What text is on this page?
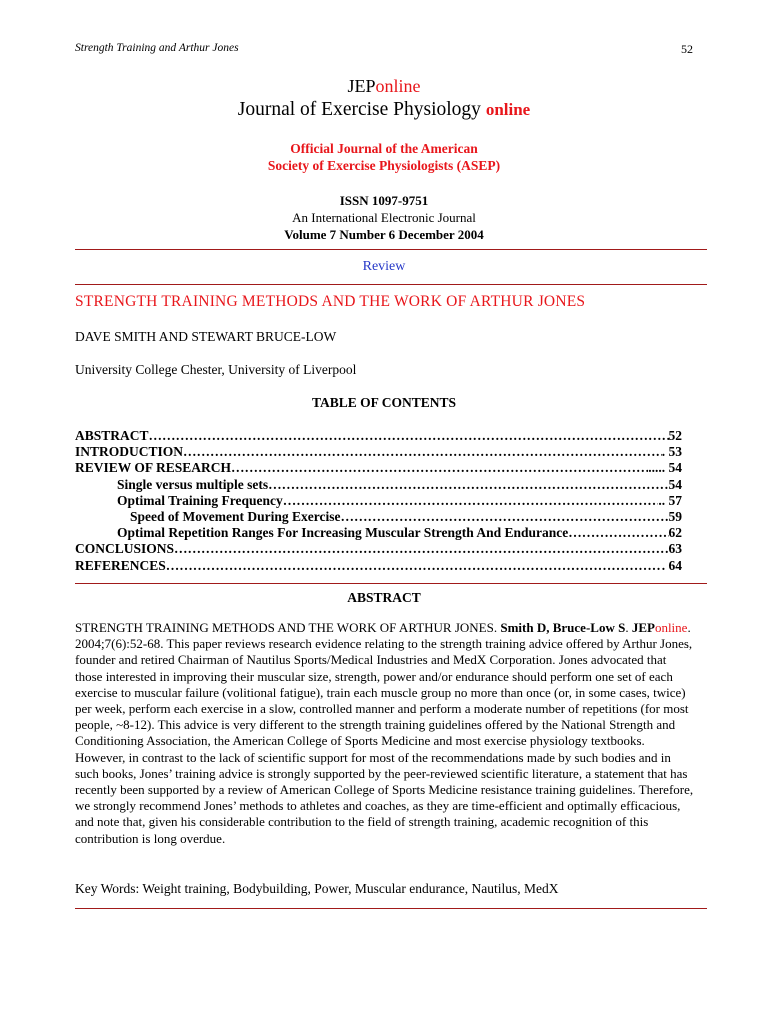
Strength Training and Arthur Jones	52
JEPonline
Journal of Exercise Physiology online
Official Journal of the American
Society of Exercise Physiologists (ASEP)
ISSN 1097-9751
An International Electronic Journal
Volume 7 Number 6 December 2004
Review
STRENGTH TRAINING METHODS AND THE WORK OF ARTHUR JONES
DAVE SMITH AND STEWART BRUCE-LOW
University College Chester, University of Liverpool
TABLE OF CONTENTS
ABSTRACT ……………………………………………………………………………………………………………………………………………………………………………………………	52
INTRODUCTION ……………………………………………………………………………………………………………………………………………………………………………………………	. 53
REVIEW OF RESEARCH ……………………………………………………………………………………………………………………………………………………………………………………………	..... 54
Single versus multiple sets ……………………………………………………………………………………………………………………………………………………………………………………………	54
Optimal Training Frequency ……………………………………………………………………………………………………………………………………………………………………………………………	.. 57
Speed of Movement During Exercise ……………………………………………………………………………………………………………………………………………………………………………………………	59
Optimal Repetition Ranges For Increasing Muscular Strength And Endurance ……………………………………………………………………………………………………………………………………………………………………………………………	62
CONCLUSIONS ……………………………………………………………………………………………………………………………………………………………………………………………	63
REFERENCES ……………………………………………………………………………………………………………………………………………………………………………………………	. 64
ABSTRACT
STRENGTH TRAINING METHODS AND THE WORK OF ARTHUR JONES. Smith D, Bruce-Low S. JEPonline. 2004;7(6):52-68. This paper reviews research evidence relating to the strength training advice offered by Arthur Jones, founder and retired Chairman of Nautilus Sports/Medical Industries and MedX Corporation. Jones advocated that those interested in improving their muscular size, strength, power and/or endurance should perform one set of each exercise to muscular failure (volitional fatigue), train each muscle group no more than once (or, in some cases, twice) per week, perform each exercise in a slow, controlled manner and perform a moderate number of repetitions (for most people, ~8-12). This advice is very different to the strength training guidelines offered by the National Strength and Conditioning Association, the American College of Sports Medicine and most exercise physiology textbooks. However, in contrast to the lack of scientific support for most of the recommendations made by such bodies and in such books, Jones’ training advice is strongly supported by the peer-reviewed scientific literature, a statement that has recently been supported by a review of American College of Sports Medicine resistance training guidelines. Therefore, we strongly recommend Jones’ methods to athletes and coaches, as they are time-efficient and optimally efficacious, and note that, given his considerable contribution to the field of strength training, academic recognition of this contribution is long overdue.
Key Words: Weight training, Bodybuilding, Power, Muscular endurance, Nautilus, MedX
